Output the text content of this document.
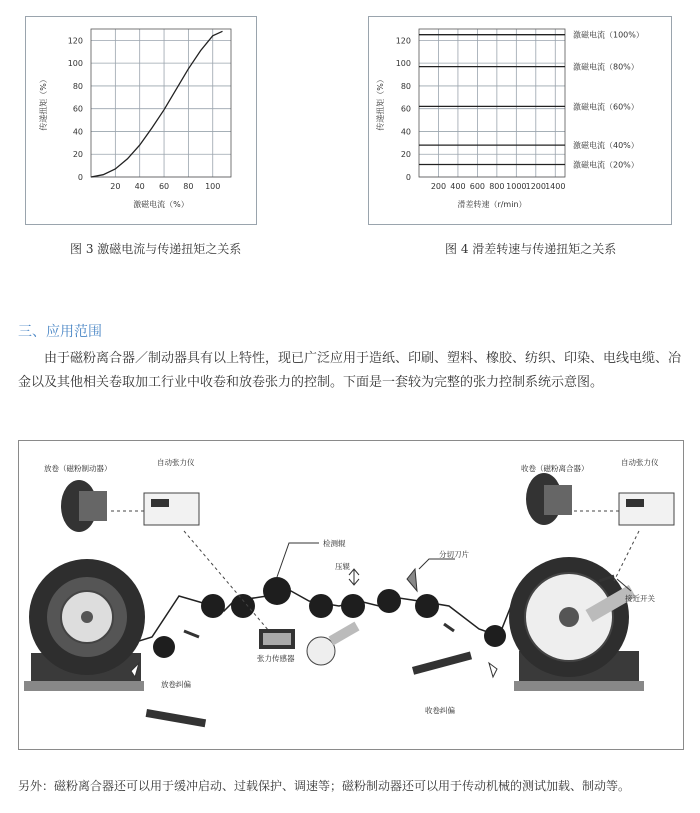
20 40 60 80 100
0
20
40
60
80
100
120
激磁电流（%）
传递扭矩（%）
图 3 激磁电流与传递扭矩之关系
200 400 600 800 1000 1200 1400
0
20
40
60
80
100
120
滑差转速（r/min）
传递扭矩（%）
激磁电流（100%）
激磁电流（80%）
激磁电流（60%）
激磁电流（40%）
激磁电流（20%）
图 4 滑差转速与传递扭矩之关系
三、应用范围
由于磁粉离合器／制动器具有以上特性，现已广泛应用于造纸、印刷、塑料、橡胶、纺织、印染、电线电缆、冶金以及其他相关卷取加工行业中收卷和放卷张力的控制。下面是一套较为完整的张力控制系统示意图。
放卷（磁粉制动器）
自动张力仪
收卷（磁粉离合器）
自动张力仪
检测辊
压辊
分切刀片
张力传感器
放卷纠偏
收卷纠偏
接近开关
另外：磁粉离合器还可以用于缓冲启动、过载保护、调速等；磁粉制动器还可以用于传动机械的测试加载、制动等。
